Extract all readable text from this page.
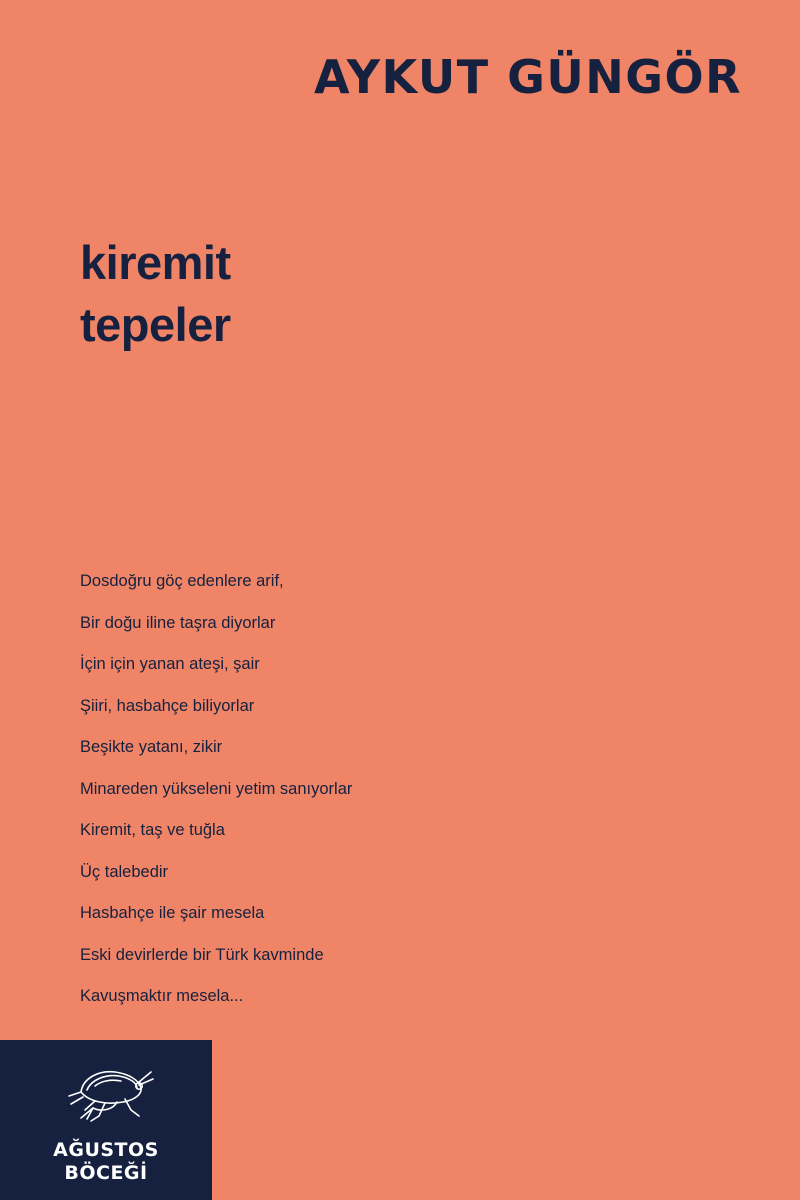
AYKUT GÜNGÖR
kiremit
tepeler
Dosdoğru göç edenlere arif,
Bir doğu iline taşra diyorlar
İçin için yanan ateşi, şair
Şiiri, hasbahçe biliyorlar
Beşikte yatanı, zikir
Minareden yükseleni yetim sanıyorlar
Kiremit, taş ve tuğla
Üç talebedir
Hasbahçe ile şair mesela
Eski devirlerde bir Türk kavminde
Kavuşmaktır mesela...
AĞUSTOS
BÖCEĞİ
